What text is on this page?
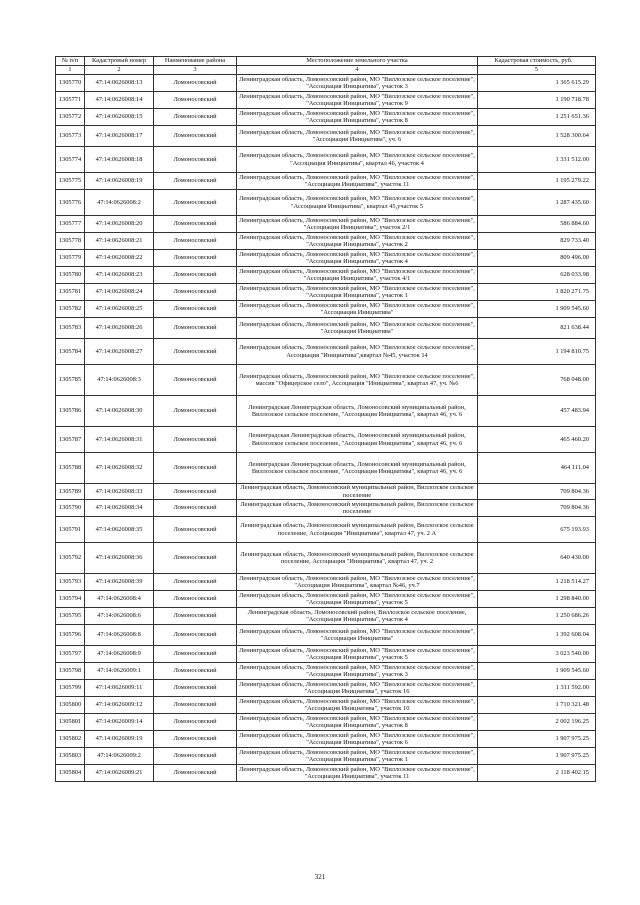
№ п/п	Кадастровый номер	Наименование района	Местоположение земельного участка	Кадастровая стоимость, руб.
1	2	3	4	5
1305770	47:14:0626008:13	Ломоносовский	Ленинградская область, Ломоносовский район, МО "Виллозское сельское поселение", "Ассоциация Инициатива", участок 3	1 365 615.29
1305771	47:14:0626008:14	Ломоносовский	Ленинградская область, Ломоносовский район, МО "Виллозское сельское поселение", "Ассоциация Инициатива", участок 9	1 190 718.78
1305772	47:14:0626008:15	Ломоносовский	Ленинградская область, Ломоносовский район, МО "Виллозское сельское поселение", "Ассоциация Инициатива", участок 8	1 251 651.36
1305773	47:14:0626008:17	Ломоносовский	Ленинградская область, Ломоносовский район, МО "Виллозское сельское поселение", "Ассоциация Инициатива", уч. 6	1 528 300.64
1305774	47:14:0626008:18	Ломоносовский	Ленинградская область, Ломоносовский район, МО "Виллозское сельское поселение", "Ассоциация Инициатива", квартал 46, участок 4	1 331 512.00
1305775	47:14:0626008:19	Ломоносовский	Ленинградская область, Ломоносовский район, МО "Виллозское сельское поселение", "Ассоциация Инициатива", участок 11	1 195 279.22
1305776	47:14:0626008:2	Ломоносовский	Ленинградская область, Ломоносовский район, МО "Виллозское сельское поселение", "Ассоциация Инициатива", квартал 45,участок 5	1 287 435.60
1305777	47:14:0626008:20	Ломоносовский	Ленинградская область, Ломоносовский район, МО "Виллозское сельское поселение", "Ассоциация Инициатива", участок 2/1	586 884.60
1305778	47:14:0626008:21	Ломоносовский	Ленинградская область, Ломоносовский район, МО "Виллозское сельское поселение", "Ассоциация Инициатива", участок 2	829 733.40
1305779	47:14:0626008:22	Ломоносовский	Ленинградская область, Ломоносовский район, МО "Виллозское сельское поселение", "Ассоциация Инициатива", участок 4	809 496.00
1305780	47:14:0626008:23	Ломоносовский	Ленинградская область, Ломоносовский район, МО "Виллозское сельское поселение", "Ассоциация Инициатива", участок 4/1	628 033.98
1305781	47:14:0626008:24	Ломоносовский	Ленинградская область, Ломоносовский район, МО "Виллозское сельское поселение", "Ассоциация Инициатива", участок 1	1 820 271.75
1305782	47:14:0626008:25	Ломоносовский	Ленинградская область, Ломоносовский район, МО "Виллозское сельское поселение", "Ассоциация Инициатива"	1 909 545.60
1305783	47:14:0626008:26	Ломоносовский	Ленинградская область, Ломоносовский район, МО "Виллозское сельское поселение", "Ассоциация Инициатива"	821 638.44
1305784	47:14:0626008:27	Ломоносовский	Ленинградская область, Ломоносовский район, МО "Виллозское сельское поселение", Ассоциация "Инициатива",квартал №45, участок 14	1 194 810.75
1305785	47:14:0626008:3	Ломоносовский	Ленинградская область, Ломоносовский район, МО "Виллозское сельское поселение", массив "Офицерское село", Ассоциация "Инициатива", квартал 47, уч. №6	768 048.00
1305786	47:14:0626008:30	Ломоносовский	Ленинградская Ленинградская область, Ломоносовский муниципальный район, Виллозское сельское поселение, "Ассоциация Инициатива", квартал 46, уч. 6	457 483.94
1305787	47:14:0626008:31	Ломоносовский	Ленинградская Ленинградская область, Ломоносовский муниципальный район, Виллозское сельское поселение, "Ассоциация Инициатива", квартал 46, уч. 6	465 460.20
1305788	47:14:0626008:32	Ломоносовский	Ленинградская Ленинградская область, Ломоносовский муниципальный район, Виллозское сельское поселение, "Ассоциация Инициатива", квартал 46, уч. 6	464 111.04
1305789	47:14:0626008:33	Ломоносовский	Ленинградская область, Ломоносовский муниципальный район, Виллозское сельское поселение	709 804.36
1305790	47:14:0626008:34	Ломоносовский	Ленинградская область, Ломоносовский муниципальный район, Виллозское сельское поселение	709 804.36
1305791	47:14:0626008:35	Ломоносовский	Ленинградская область, Ломоносовский муниципальный район, Виллозское сельское поселение, Ассоциация "Инициатива", квартал 47, уч. 2 А	675 193.93
1305792	47:14:0626008:36	Ломоносовский	Ленинградская область, Ломоносовский муниципальный район, Виллозское сельское поселение, Ассоциация "Инициатива", квартал 47, уч. 2	640 430.00
1305793	47:14:0626008:39	Ломоносовский	Ленинградская область, Ломоносовский район, МО "Виллозское сельское поселение", "Ассоциация Инициатива", квартал №46, уч.7	1 218 514.27
1305794	47:14:0626008:4	Ломоносовский	Ленинградская область, Ломоносовский район, МО "Виллозское сельское поселение", "Ассоциация Инициатива", участок 5	1 298 840.00
1305795	47:14:0626008:6	Ломоносовский	Ленинградская область, Ломоносовский район, Виллозское сельское поселение, "Ассоциация Инициатива", участок 4	1 250 686.26
1305796	47:14:0626008:8	Ломоносовский	Ленинградская область, Ломоносовский район, МО "Виллозское сельское поселение", "Ассоциация Инициатива"	1 392 608.04
1305797	47:14:0626008:9	Ломоносовский	Ленинградская область, Ломоносовский район, МО "Виллозское сельское поселение", "Ассоциация Инициатива", участок 5	3 023 540.00
1305798	47:14:0626009:1	Ломоносовский	Ленинградская область, Ломоносовский район, МО "Виллозское сельское поселение", "Ассоциация Инициатива", участок 3	1 909 545.60
1305799	47:14:0626009:11	Ломоносовский	Ленинградская область, Ломоносовский район, МО "Виллозское сельское поселение", "Ассоциация Инициатива", участок 16	1 311 592.00
1305800	47:14:0626009:12	Ломоносовский	Ленинградская область, Ломоносовский район, МО "Виллозское сельское поселение", "Ассоциация Инициатива", участок 10	1 710 321.48
1305801	47:14:0626009:14	Ломоносовский	Ленинградская область, Ломоносовский район, МО "Виллозское сельское поселение", "Ассоциация Инициатива", участок 8	2 002 196.25
1305802	47:14:0626009:19	Ломоносовский	Ленинградская область, Ломоносовский район, МО "Виллозское сельское поселение", "Ассоциация Инициатива", участок 6	1 907 975.25
1305803	47:14:0626009:2	Ломоносовский	Ленинградская область, Ломоносовский район, МО "Виллозское сельское поселение", "Ассоциация Инициатива", участок 1	1 907 975.25
1305804	47:14:0626009:21	Ломоносовский	Ленинградская область, Ломоносовский район, МО "Виллозское сельское поселение", "Ассоциация Инициатива", участок 11	2 118 402.15
321
